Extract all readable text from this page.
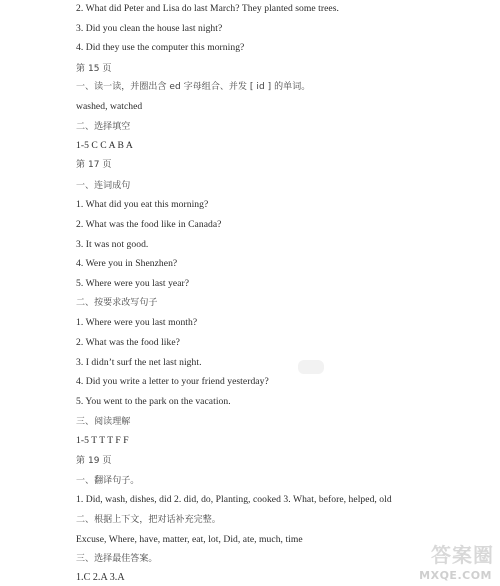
2. What did Peter and Lisa do last March? They planted some trees.
3. Did you clean the house last night?
4. Did they use the computer this morning?
第 15 页
一、读一读，并圈出含 ed 字母组合、并发 [ id ] 的单词。
washed, watched
二、选择填空
1-5 C C A B A
第 17 页
一、连词成句
1. What did you eat this morning?
2. What was the food like in Canada?
3. It was not good.
4. Were you in Shenzhen?
5. Where were you last year?
二、按要求改写句子
1. Where were you last month?
2. What was the food like?
3. I didn’t surf the net last night.
4. Did you write a letter to your friend yesterday?
5. You went to the park on the vacation.
三、阅读理解
1-5 T T T F F
第 19 页
一、翻译句子。
1. Did, wash, dishes, did 2. did, do, Planting, cooked 3. What, before, helped, old
二、根据上下文，把对话补充完整。
Excuse, Where, have, matter, eat, lot, Did, ate, much, time
三、选择最佳答案。
1.C 2.A 3.A
答案圈
MXQE.COM
